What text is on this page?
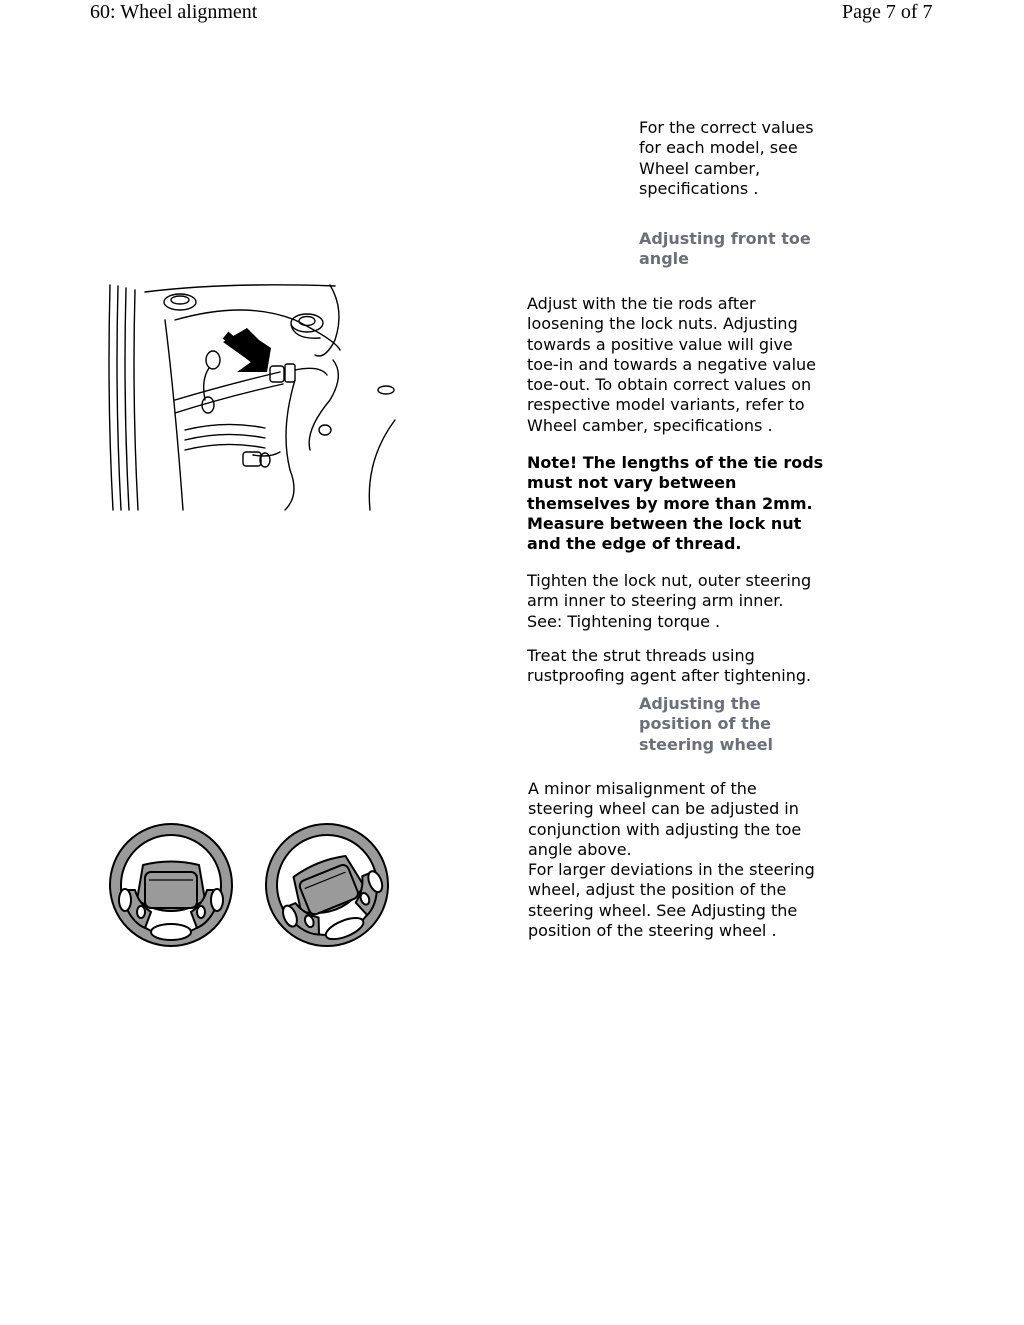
60: Wheel alignment	Page 7 of 7

For the correct values
for each model, see
Wheel camber,
specifications .

Adjusting front toe
angle

Adjust with the tie rods after
loosening the lock nuts. Adjusting
towards a positive value will give
toe-in and towards a negative value
toe-out. To obtain correct values on
respective model variants, refer to
Wheel camber, specifications .

Note! The lengths of the tie rods
must not vary between
themselves by more than 2mm.
Measure between the lock nut
and the edge of thread.

Tighten the lock nut, outer steering
arm inner to steering arm inner.
See: Tightening torque .

Treat the strut threads using
rustproofing agent after tightening.

Adjusting the
position of the
steering wheel

A minor misalignment of the
steering wheel can be adjusted in
conjunction with adjusting the toe
angle above.
For larger deviations in the steering
wheel, adjust the position of the
steering wheel. See Adjusting the
position of the steering wheel .
